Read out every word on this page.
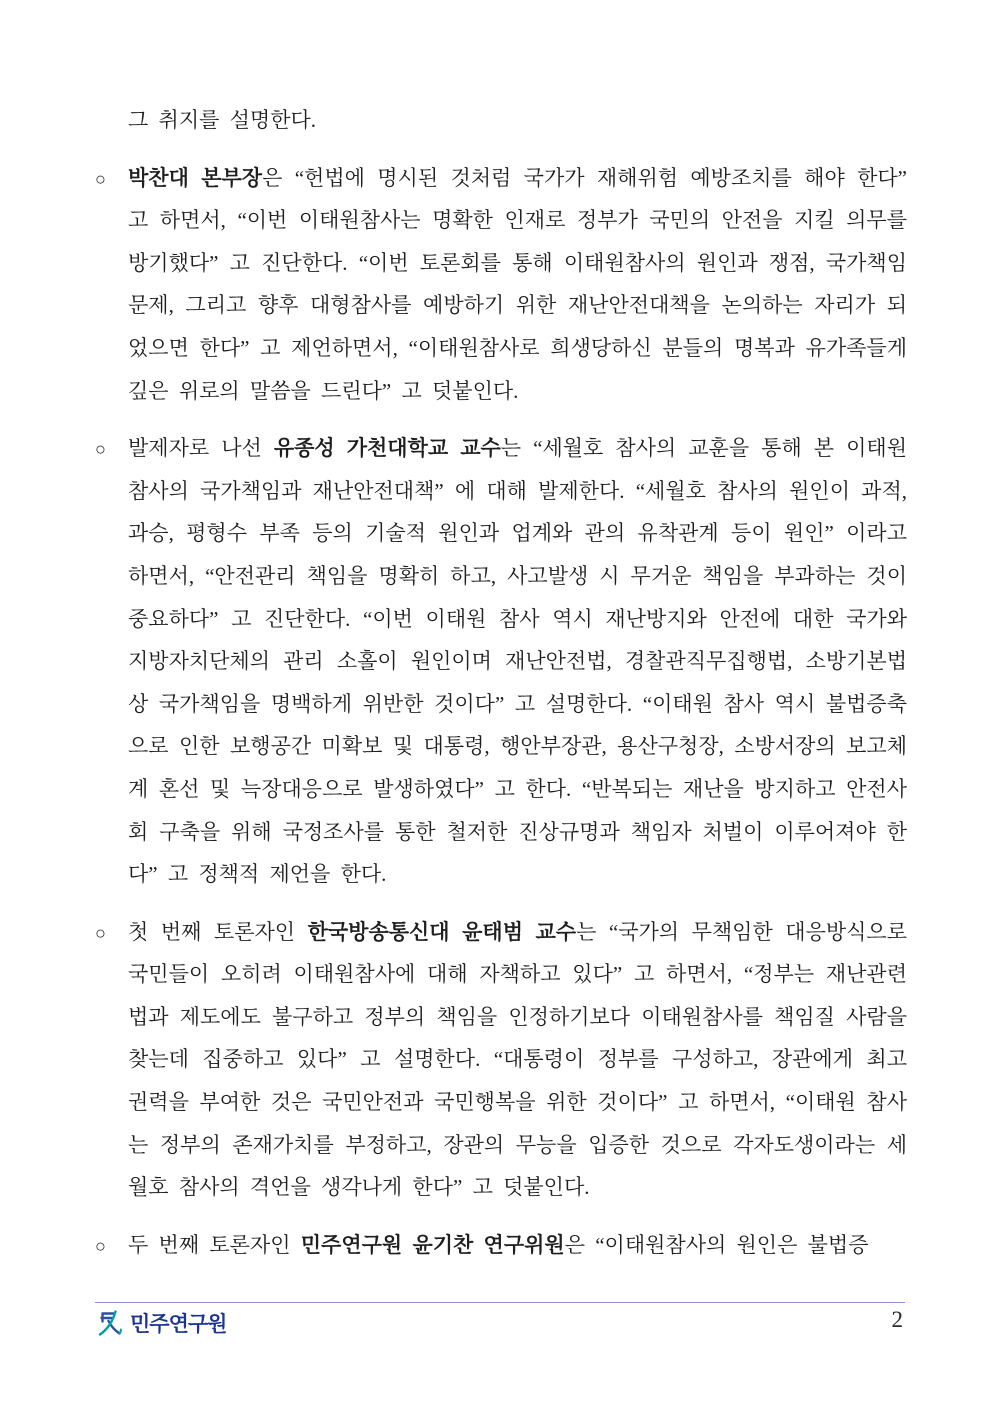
그 취지를 설명한다.
○ 박찬대 본부장은 “헌법에 명시된 것처럼 국가가 재해위험 예방조치를 해야 한다” 고 하면서, “이번 이태원참사는 명확한 인재로 정부가 국민의 안전을 지킬 의무를 방기했다” 고 진단한다. “이번 토론회를 통해 이태원참사의 원인과 쟁점, 국가책임 문제, 그리고 향후 대형참사를 예방하기 위한 재난안전대책을 논의하는 자리가 되었으면 한다” 고 제언하면서, “이태원참사로 희생당하신 분들의 명복과 유가족들게 깊은 위로의 말씀을 드린다” 고 덧붙인다.
○ 발제자로 나선 유종성 가천대학교 교수는 “세월호 참사의 교훈을 통해 본 이태원참사의 국가책임과 재난안전대책” 에 대해 발제한다. “세월호 참사의 원인이 과적, 과승, 평형수 부족 등의 기술적 원인과 업계와 관의 유착관계 등이 원인” 이라고 하면서, “안전관리 책임을 명확히 하고, 사고발생 시 무거운 책임을 부과하는 것이 중요하다” 고 진단한다. “이번 이태원 참사 역시 재난방지와 안전에 대한 국가와 지방자치단체의 관리 소홀이 원인이며 재난안전법, 경찰관직무집행법, 소방기본법 상 국가책임을 명백하게 위반한 것이다” 고 설명한다. “이태원 참사 역시 불법증축으로 인한 보행공간 미확보 및 대통령, 행안부장관, 용산구청장, 소방서장의 보고체계 혼선 및 늑장대응으로 발생하였다” 고 한다. “반복되는 재난을 방지하고 안전사회 구축을 위해 국정조사를 통한 철저한 진상규명과 책임자 처벌이 이루어져야 한다” 고 정책적 제언을 한다.
○ 첫 번째 토론자인 한국방송통신대 윤태범 교수는 “국가의 무책임한 대응방식으로 국민들이 오히려 이태원참사에 대해 자책하고 있다” 고 하면서, “정부는 재난관련 법과 제도에도 불구하고 정부의 책임을 인정하기보다 이태원참사를 책임질 사람을 찾는데 집중하고 있다” 고 설명한다. “대통령이 정부를 구성하고, 장관에게 최고 권력을 부여한 것은 국민안전과 국민행복을 위한 것이다” 고 하면서, “이태원 참사는 정부의 존재가치를 부정하고, 장관의 무능을 입증한 것으로 각자도생이라는 세월호 참사의 격언을 생각나게 한다” 고 덧붙인다.
○ 두 번째 토론자인 민주연구원 윤기찬 연구위원은 “이태원참사의 원인은 불법증
민주연구원	2
